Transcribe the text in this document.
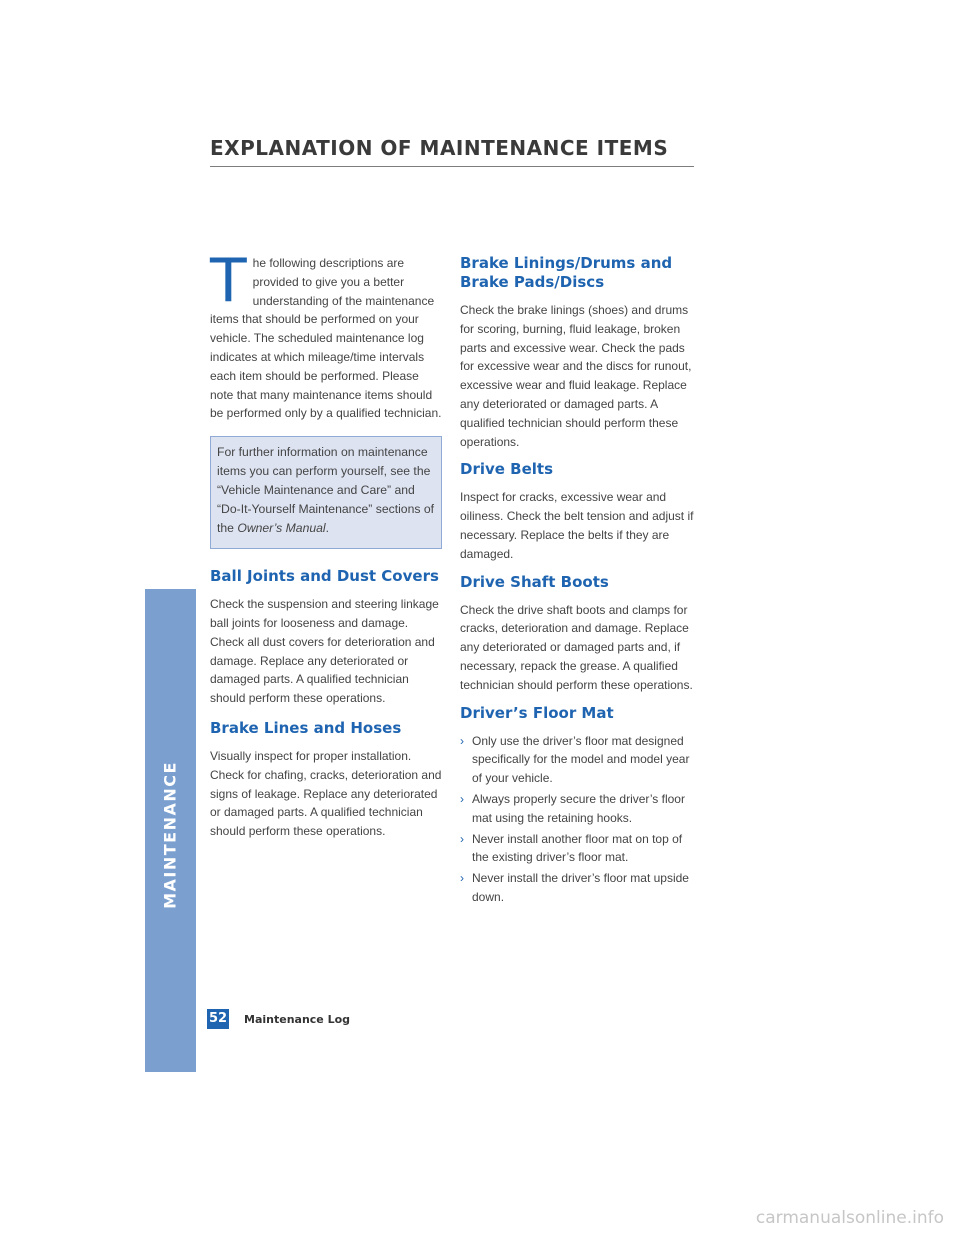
EXPLANATION OF MAINTENANCE ITEMS
MAINTENANCE

The following descriptions are provided to give you a better understanding of the maintenance items that should be performed on your vehicle. The scheduled maintenance log indicates at which mileage/time intervals each item should be performed. Please note that many maintenance items should be performed only by a qualified technician.

For further information on maintenance items you can perform yourself, see the “Vehicle Maintenance and Care” and “Do-It-Yourself Maintenance” sections of the Owner’s Manual.
Ball Joints and Dust Covers

Check the suspension and steering linkage ball joints for looseness and damage. Check all dust covers for deterioration and damage. Replace any deteriorated or damaged parts. A qualified technician should perform these operations.

Brake Lines and Hoses

Visually inspect for proper installation. Check for chafing, cracks, deterioration and signs of leakage. Replace any deteriorated or damaged parts. A qualified technician should perform these operations.

Brake Linings/Drums and Brake Pads/Discs

Check the brake linings (shoes) and drums for scoring, burning, fluid leakage, broken parts and excessive wear. Check the pads for excessive wear and the discs for runout, excessive wear and fluid leakage. Replace any deteriorated or damaged parts. A qualified technician should perform these operations.

Drive Belts

Inspect for cracks, excessive wear and oiliness. Check the belt tension and adjust if necessary. Replace the belts if they are damaged.

Drive Shaft Boots

Check the drive shaft boots and clamps for cracks, deterioration and damage. Replace any deteriorated or damaged parts and, if necessary, repack the grease. A qualified technician should perform these operations.

Driver’s Floor Mat
› Only use the driver’s floor mat designed specifically for the model and model year of your vehicle.
› Always properly secure the driver’s floor mat using the retaining hooks.
› Never install another floor mat on top of the existing driver’s floor mat.
› Never install the driver’s floor mat upside down.
52 Maintenance Log
carmanualsonline.info
